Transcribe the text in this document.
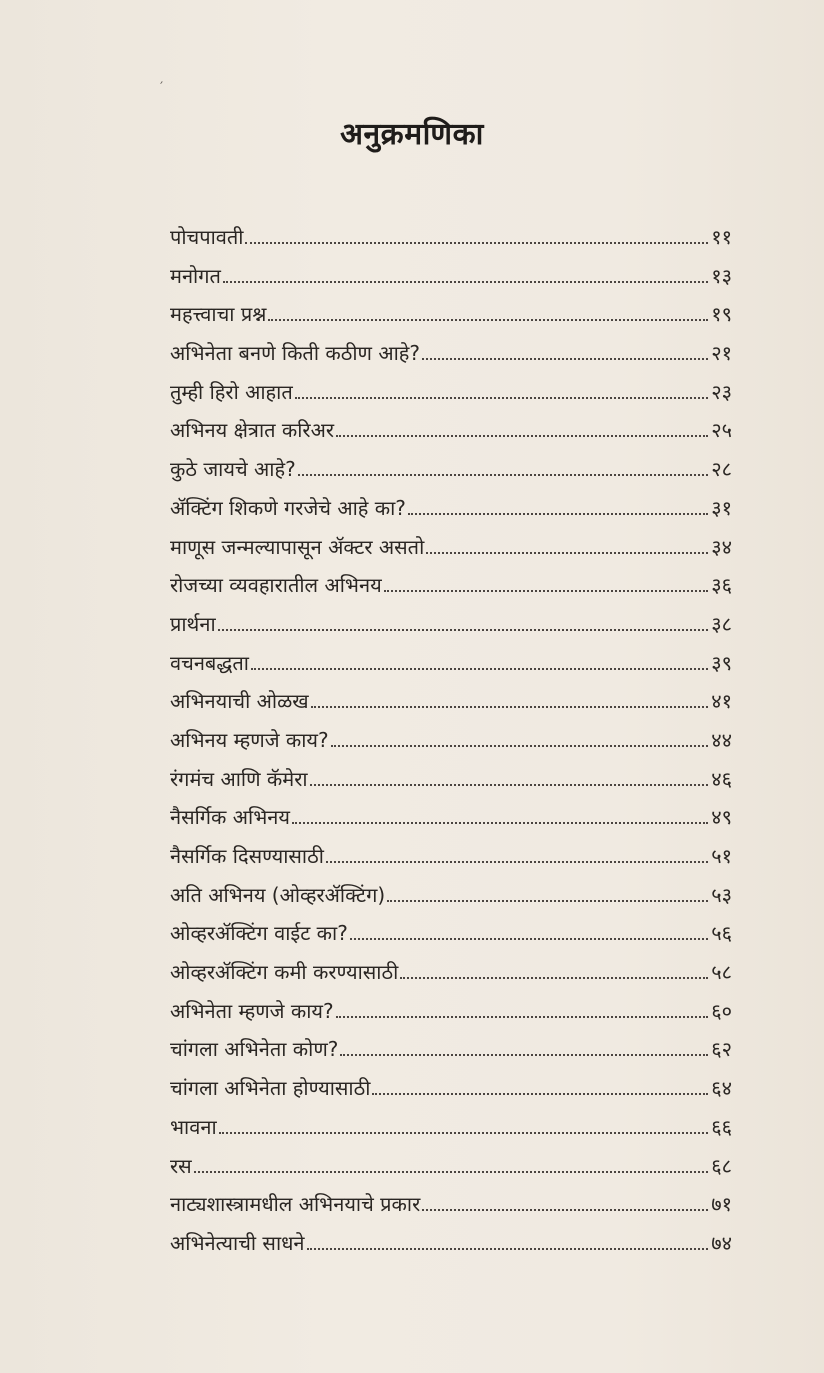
′
अनुक्रमणिका
पोचपावती	११
मनोगत	१३
महत्त्वाचा प्रश्न	१९
अभिनेता बनणे किती कठीण आहे?	२१
तुम्ही हिरो आहात	२३
अभिनय क्षेत्रात करिअर	२५
कुठे जायचे आहे?	२८
ॲक्टिंग शिकणे गरजेचे आहे का?	३१
माणूस जन्मल्यापासून ॲक्टर असतो	३४
रोजच्या व्यवहारातील अभिनय	३६
प्रार्थना	३८
वचनबद्धता	३९
अभिनयाची ओळख	४१
अभिनय म्हणजे काय?	४४
रंगमंच आणि कॅमेरा	४६
नैसर्गिक अभिनय	४९
नैसर्गिक दिसण्यासाठी	५१
अति अभिनय (ओव्हरॲक्टिंग)	५३
ओव्हरॲक्टिंग वाईट का?	५६
ओव्हरॲक्टिंग कमी करण्यासाठी	५८
अभिनेता म्हणजे काय?	६०
चांगला अभिनेता कोण?	६२
चांगला अभिनेता होण्यासाठी	६४
भावना	६६
रस	६८
नाट्यशास्त्रामधील अभिनयाचे प्रकार	७१
अभिनेत्याची साधने	७४
